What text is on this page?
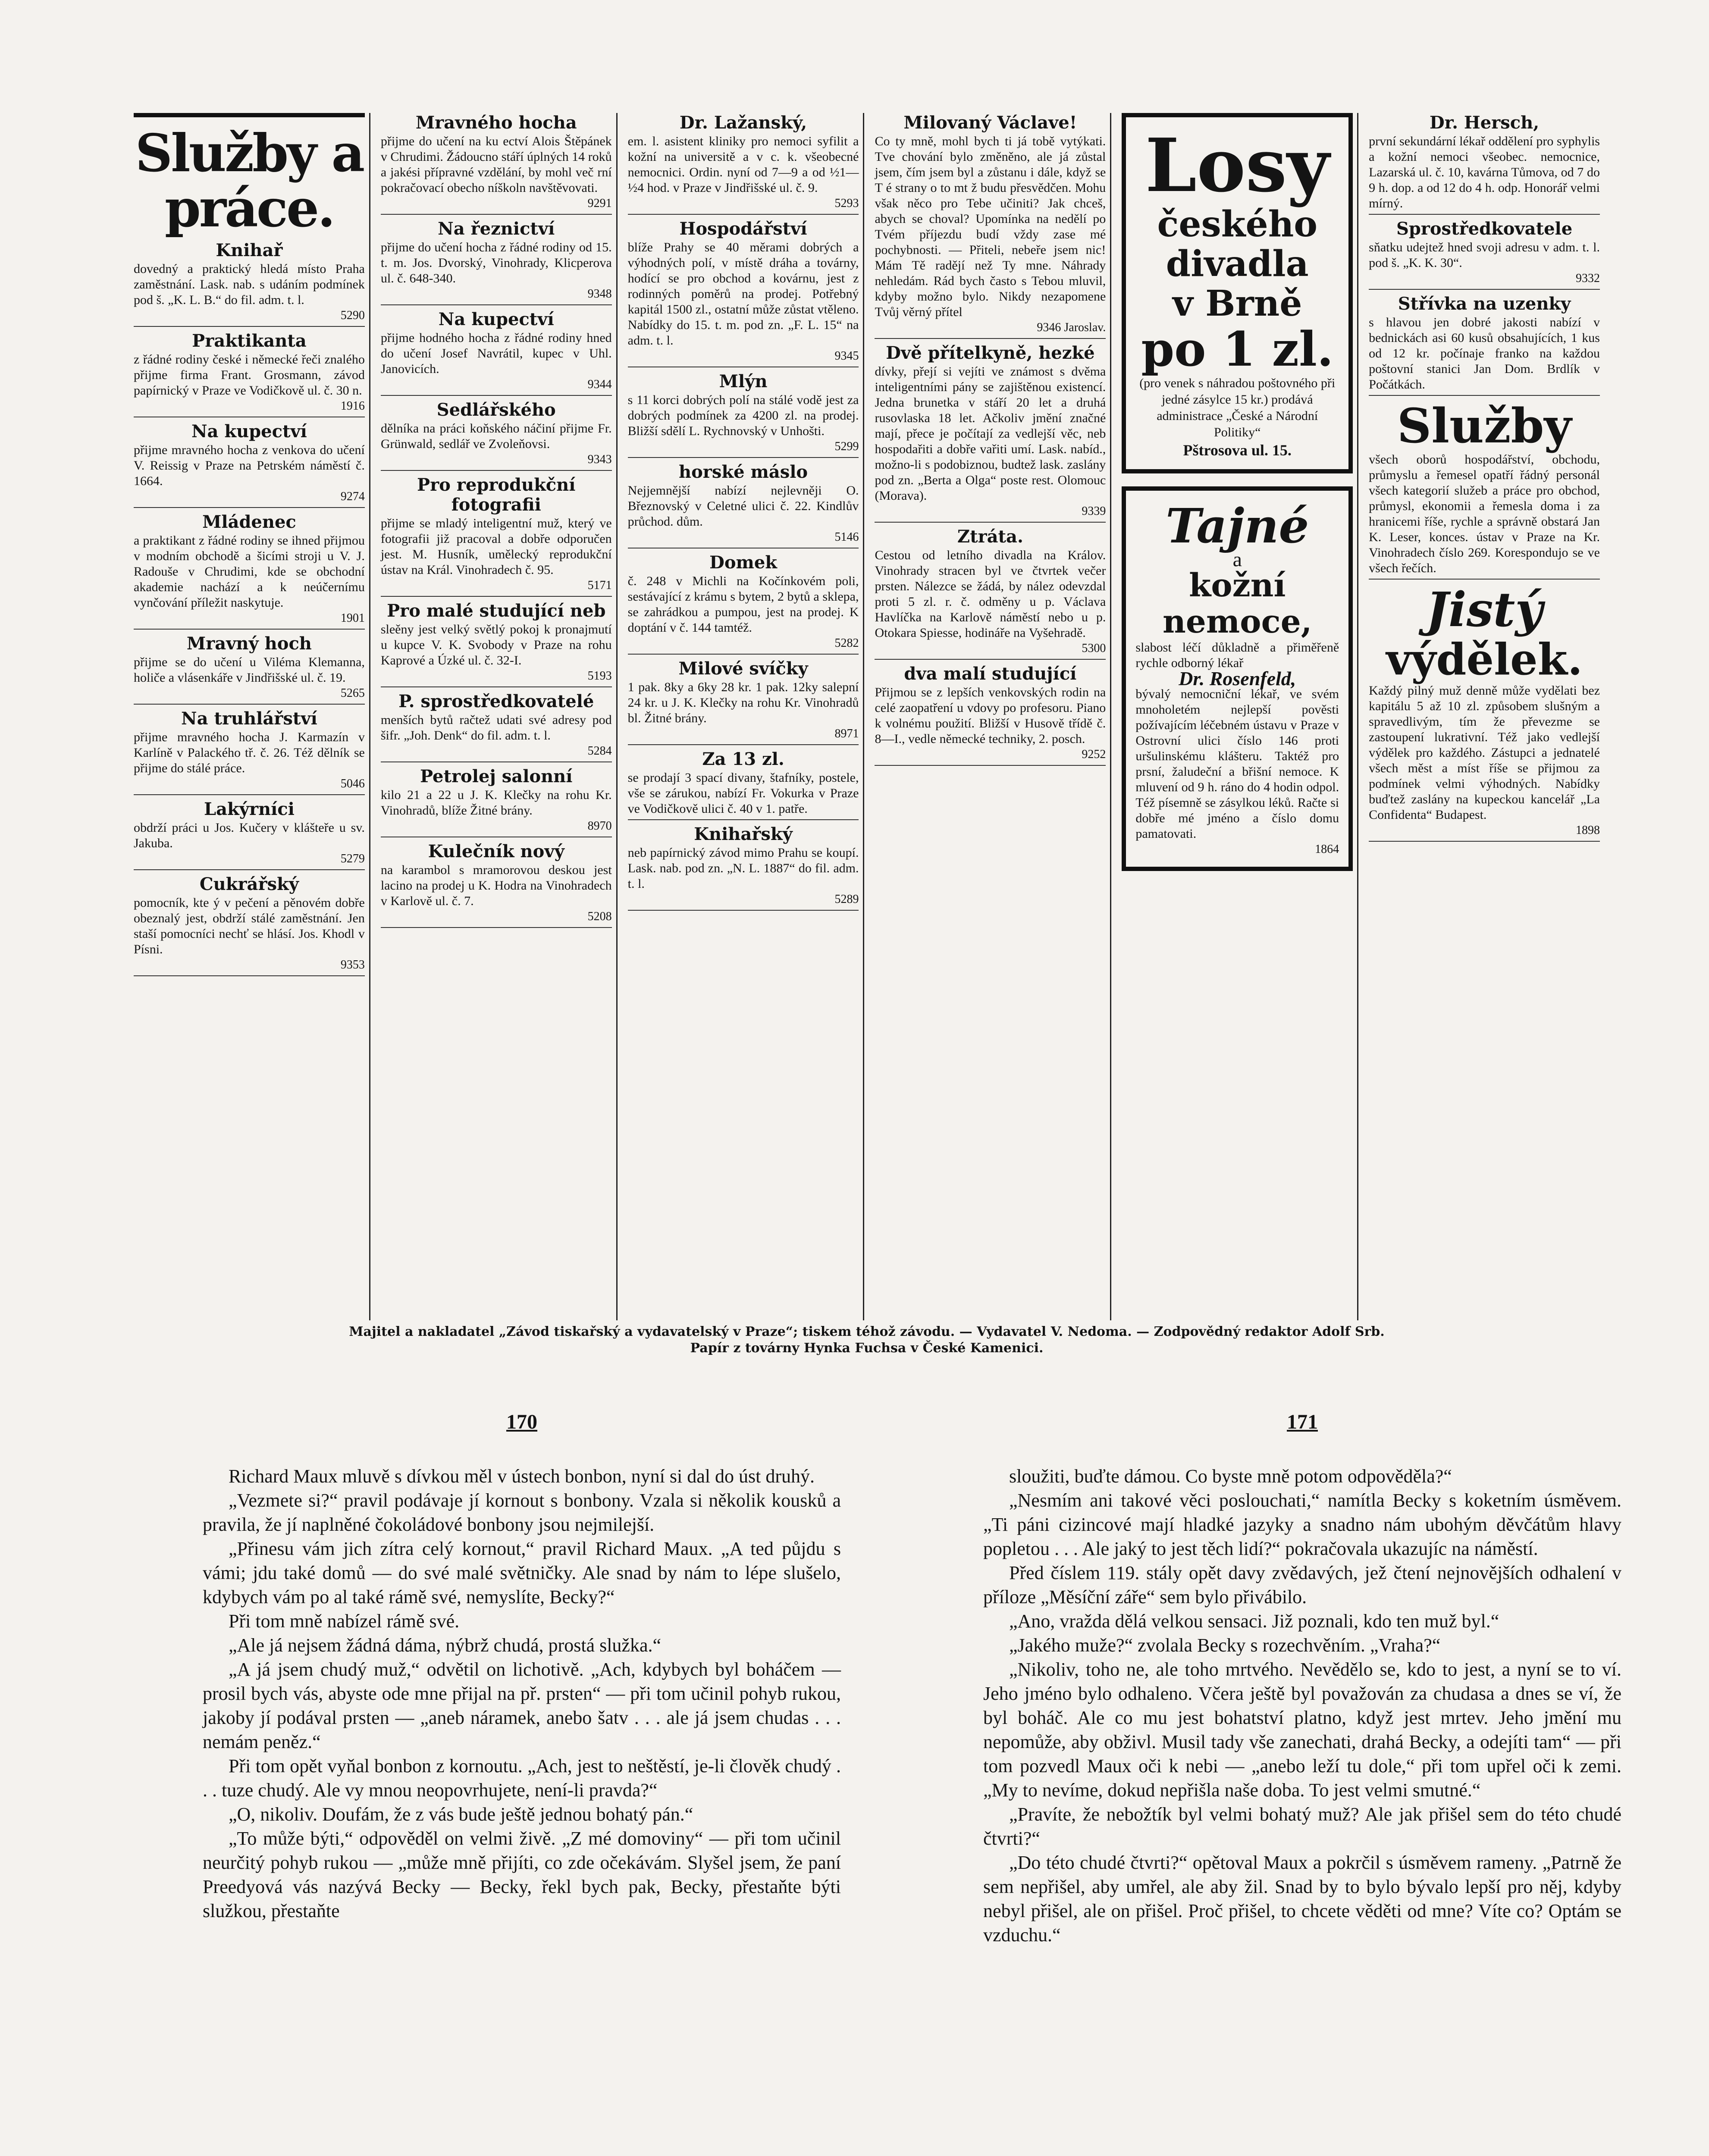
Služby a práce.
Knihař
dovedný a praktický hledá místo Praha zaměstnání. Lask. nab. s udáním podmínek pod š. „K. L. B.“ do fil. adm. t. l.
5290
Praktikanta
z řádné rodiny české i německé řeči znalého přijme firma Frant. Grosmann, závod papírnický v Praze ve Vodičkově ul. č. 30 n.
1916
Na kupectví
přijme mravného hocha z venkova do učení V. Reissig v Praze na Petrském náměstí č. 1664.
9274
Mládenec
a praktikant z řádné rodiny se ihned přijmou v modním obchodě a šicími stroji u V. J. Radouše v Chrudimi, kde se obchodní akademie nachází a k neúčernímu vynčování příležit naskytuje.
1901
Mravný hoch
přijme se do učení u Viléma Klemanna, holiče a vlásenkáře v Jindřišské ul. č. 19.
5265
Na truhlářství
přijme mravného hocha J. Karmazín v Karlíně v Palackého tř. č. 26. Též dělník se přijme do stálé práce.
5046
Lakýrníci
obdrží práci u Jos. Kučery v klášteře u sv. Jakuba.
5279
Cukrářský
pomocník, kte ý v pečení a pěnovém dobře obeznalý jest, obdrží stálé zaměstnání. Jen staší pomocníci nechť se hlásí. Jos. Khodl v Písni.
9353
Mravného hocha
přijme do učení na ku ectví Alois Štěpánek v Chrudimi. Žádoucno stáří úplných 14 roků a jakési přípravné vzdělání, by mohl več rní pokračovací obecho níškoln navštěvovati.
9291
Na řeznictví
přijme do učení hocha z řádné rodiny od 15. t. m. Jos. Dvorský, Vinohrady, Klicperova ul. č. 648-340.
9348
Na kupectví
přijme hodného hocha z řádné rodiny hned do učení Josef Navrátil, kupec v Uhl. Janovicích.
9344
Sedlářského
dělníka na práci koňského náčiní přijme Fr. Grünwald, sedlář ve Zvoleňovsi.
9343
Pro reprodukční fotografii
přijme se mladý inteligentní muž, který ve fotografii již pracoval a dobře odporučen jest. M. Husník, umělecký reprodukční ústav na Král. Vinohradech č. 95.
5171
Pro malé studující neb
sleěny jest velký světlý pokoj k pronajmutí u kupce V. K. Svobody v Praze na rohu Kaprové a Úzké ul. č. 32-I.
5193
P. sprostředkovatelé
menších bytů račtež udati své adresy pod šifr. „Joh. Denk“ do fil. adm. t. l.
5284
Petrolej salonní
kilo 21 a 22 u J. K. Klečky na rohu Kr. Vinohradů, blíže Žitné brány.
8970
Kulečník nový
na karambol s mramorovou deskou jest lacino na prodej u K. Hodra na Vinohradech v Karlově ul. č. 7.
5208
Dr. Lažanský,
em. l. asistent kliniky pro nemoci syfilit a kožní na universitě a v c. k. všeobecné nemocnici. Ordin. nyní od 7—9 a od ½1—½4 hod. v Praze v Jindřišské ul. č. 9.
5293
Hospodářství
blíže Prahy se 40 měrami dobrých a výhodných polí, v místě dráha a továrny, hodící se pro obchod a kovárnu, jest z rodinných poměrů na prodej. Potřebný kapitál 1500 zl., ostatní může zůstat vtěleno. Nabídky do 15. t. m. pod zn. „F. L. 15“ na adm. t. l.
9345
Mlýn
s 11 korci dobrých polí na stálé vodě jest za dobrých podmínek za 4200 zl. na prodej. Bližší sdělí L. Rychnovský v Unhošti.
5299
horské máslo
Nejjemnější nabízí nejlevněji O. Březnovský v Celetné ulici č. 22. Kindlův průchod. dům.
5146
Domek
č. 248 v Michli na Kočínkovém poli, sestávající z krámu s bytem, 2 bytů a sklepa, se zahrádkou a pumpou, jest na prodej. K doptání v č. 144 tamtéž.
5282
Milové svíčky
1 pak. 8ky a 6ky 28 kr. 1 pak. 12ky salepní 24 kr. u J. K. Klečky na rohu Kr. Vinohradů bl. Žitné brány.
8971
Za 13 zl.
se prodají 3 spací divany, štafníky, postele, vše se zárukou, nabízí Fr. Vokurka v Praze ve Vodičkově ulici č. 40 v 1. patře.
Knihařský
neb papírnický závod mimo Prahu se koupí. Lask. nab. pod zn. „N. L. 1887“ do fil. adm. t. l.
5289
Milovaný Václave!
Co ty mně, mohl bych ti já tobě vytýkati. Tve chování bylo změněno, ale já zůstal jsem, čím jsem byl a zůstanu i dále, když se T é strany o to mt ž budu přesvědčen. Mohu však něco pro Tebe učiniti? Jak chceš, abych se choval? Upomínka na nedělí po Tvém příjezdu budí vždy zase mé pochybnosti. — Přiteli, nebeře jsem nic! Mám Tě radějí než Ty mne. Náhrady nehledám. Rád bych často s Tebou mluvil, kdyby možno bylo. Nikdy nezapomene Tvůj věrný přítel
9346 Jaroslav.
Dvě přítelkyně, hezké
dívky, přejí si vejíti ve známost s dvěma inteligentními pány se zajištěnou existencí. Jedna brunetka v stáří 20 let a druhá rusovlaska 18 let. Ačkoliv jmění značné mají, přece je počítají za vedlejší věc, neb hospodařiti a dobře vařiti umí. Lask. nabíd., možno-li s podobiznou, budtež lask. zaslány pod zn. „Berta a Olga“ poste rest. Olomouc (Morava).
9339
Ztráta.
Cestou od letního divadla na Králov. Vinohrady stracen byl ve čtvrtek večer prsten. Nálezce se žádá, by nález odevzdal proti 5 zl. r. č. odměny u p. Václava Havlíčka na Karlově náměstí nebo u p. Otokara Spiesse, hodináře na Vyšehradě.
5300
dva malí studující
Přijmou se z lepších venkovských rodin na celé zaopatření u vdovy po profesoru. Piano k volnému použití. Bližší v Husově třídě č. 8—I., vedle německé techniky, 2. posch.
9252
Losy
českého divadla
v Brně
po 1 zl.
(pro venek s náhradou poštovného při jedné zásylce 15 kr.) prodává administrace „České a Národní Politiky“
Pštrosova ul. 15.
Tajné
a
kožní nemoce,
slabost léčí důkladně a přiměřeně rychle odborný lékař
Dr. Rosenfeld,
bývalý nemocniční lékař, ve svém mnoholetém nejlepší pověsti požívajícím léčebném ústavu v Praze v Ostrovní ulici číslo 146 proti uršulinskému klášteru. Taktéž pro prsní, žaludeční a břišní nemoce. K mluvení od 9 h. ráno do 4 hodin odpol. Též písemně se zásylkou léků. Račte si dobře mé jméno a číslo domu pamatovati.
1864
Dr. Hersch,
první sekundární lékař oddělení pro syphylis a kožní nemoci všeobec. nemocnice, Lazarská ul. č. 10, kavárna Tůmova, od 7 do 9 h. dop. a od 12 do 4 h. odp. Honorář velmi mírný.
Sprostředkovatele
sňatku udejtež hned svoji adresu v adm. t. l. pod š. „K. K. 30“.
9332
Střívka na uzenky
s hlavou jen dobré jakosti nabízí v bednickách asi 60 kusů obsahujících, 1 kus od 12 kr. počínaje franko na každou poštovní stanici Jan Dom. Brdlík v Počátkách.
Služby
všech oborů hospodářství, obchodu, průmyslu a řemesel opatří řádný personál všech kategorií služeb a práce pro obchod, průmysl, ekonomii a řemesla doma i za hranicemi říše, rychle a správně obstará Jan K. Leser, konces. ústav v Praze na Kr. Vinohradech číslo 269. Korespondujo se ve všech řečích.
Jistý
výdělek.
Každý pilný muž denně může vydělati bez kapitálu 5 až 10 zl. způsobem slušným a spravedlivým, tím že převezme se zastoupení lukrativní. Též jako vedlejší výdělek pro každého. Zástupci a jednatelé všech měst a míst říše se přijmou za podmínek velmi výhodných. Nabídky buďtež zaslány na kupeckou kancelář „La Confidenta“ Budapest.
1898
Majitel a nakladatel „Závod tiskařský a vydavatelský v Praze“; tiskem téhož závodu. — Vydavatel V. Nedoma. — Zodpovědný redaktor Adolf Srb.
Papír z továrny Hynka Fuchsa v České Kamenici.
170

Richard Maux mluvě s dívkou měl v ústech bonbon, nyní si dal do úst druhý.

„Vezmete si?“ pravil podávaje jí kornout s bonbony. Vzala si několik kousků a pravila, že jí naplněné čokoládové bonbony jsou nejmilejší.

„Přinesu vám jich zítra celý kornout,“ pravil Richard Maux. „A ted půjdu s vámi; jdu také domů — do své malé světničky. Ale snad by nám to lépe slušelo, kdybych vám po al také rámě své, nemyslíte, Becky?“

Při tom mně nabízel rámě své.

„Ale já nejsem žádná dáma, nýbrž chudá, prostá služka.“

„A já jsem chudý muž,“ odvětil on lichotivě. „Ach, kdybych byl boháčem — prosil bych vás, abyste ode mne přijal na př. prsten“ — při tom učinil pohyb rukou, jakoby jí podával prsten — „aneb náramek, anebo šatv . . . ale já jsem chudas . . . nemám peněz.“

Při tom opět vyňal bonbon z kornoutu. „Ach, jest to neštěstí, je-li člověk chudý . . . tuze chudý. Ale vy mnou neopovrhujete, není-li pravda?“

„O, nikoliv. Doufám, že z vás bude ještě jednou bohatý pán.“

„To může býti,“ odpověděl on velmi živě. „Z mé domoviny“ — při tom učinil neurčitý pohyb rukou — „může mně přijíti, co zde očekávám. Slyšel jsem, že paní Preedyová vás nazývá Becky — Becky, řekl bych pak, Becky, přestaňte býti služkou, přestaňte

171

sloužiti, buďte dámou. Co byste mně potom odpověděla?“

„Nesmím ani takové věci poslouchati,“ namítla Becky s koketním úsměvem. „Ti páni cizincové mají hladké jazyky a snadno nám ubohým děvčátům hlavy popletou . . . Ale jaký to jest těch lidí?“ pokračovala ukazujíc na náměstí.

Před číslem 119. stály opět davy zvědavých, jež čtení nejnovějších odhalení v příloze „Měsíční záře“ sem bylo přivábilo.

„Ano, vražda dělá velkou sensaci. Již poznali, kdo ten muž byl.“

„Jakého muže?“ zvolala Becky s rozechvěním. „Vraha?“

„Nikoliv, toho ne, ale toho mrtvého. Nevědělo se, kdo to jest, a nyní se to ví. Jeho jméno bylo odhaleno. Včera ještě byl považován za chudasa a dnes se ví, že byl boháč. Ale co mu jest bohatství platno, když jest mrtev. Jeho jmění mu nepomůže, aby obživl. Musil tady vše zanechati, drahá Becky, a odejíti tam“ — při tom pozvedl Maux oči k nebi — „anebo leží tu dole,“ při tom upřel oči k zemi. „My to nevíme, dokud nepřišla naše doba. To jest velmi smutné.“

„Pravíte, že nebožtík byl velmi bohatý muž? Ale jak přišel sem do této chudé čtvrti?“

„Do této chudé čtvrti?“ opětoval Maux a pokrčil s úsměvem rameny. „Patrně že sem nepřišel, aby umřel, ale aby žil. Snad by to bylo bývalo lepší pro něj, kdyby nebyl přišel, ale on přišel. Proč přišel, to chcete věděti od mne? Víte co? Optám se vzduchu.“
